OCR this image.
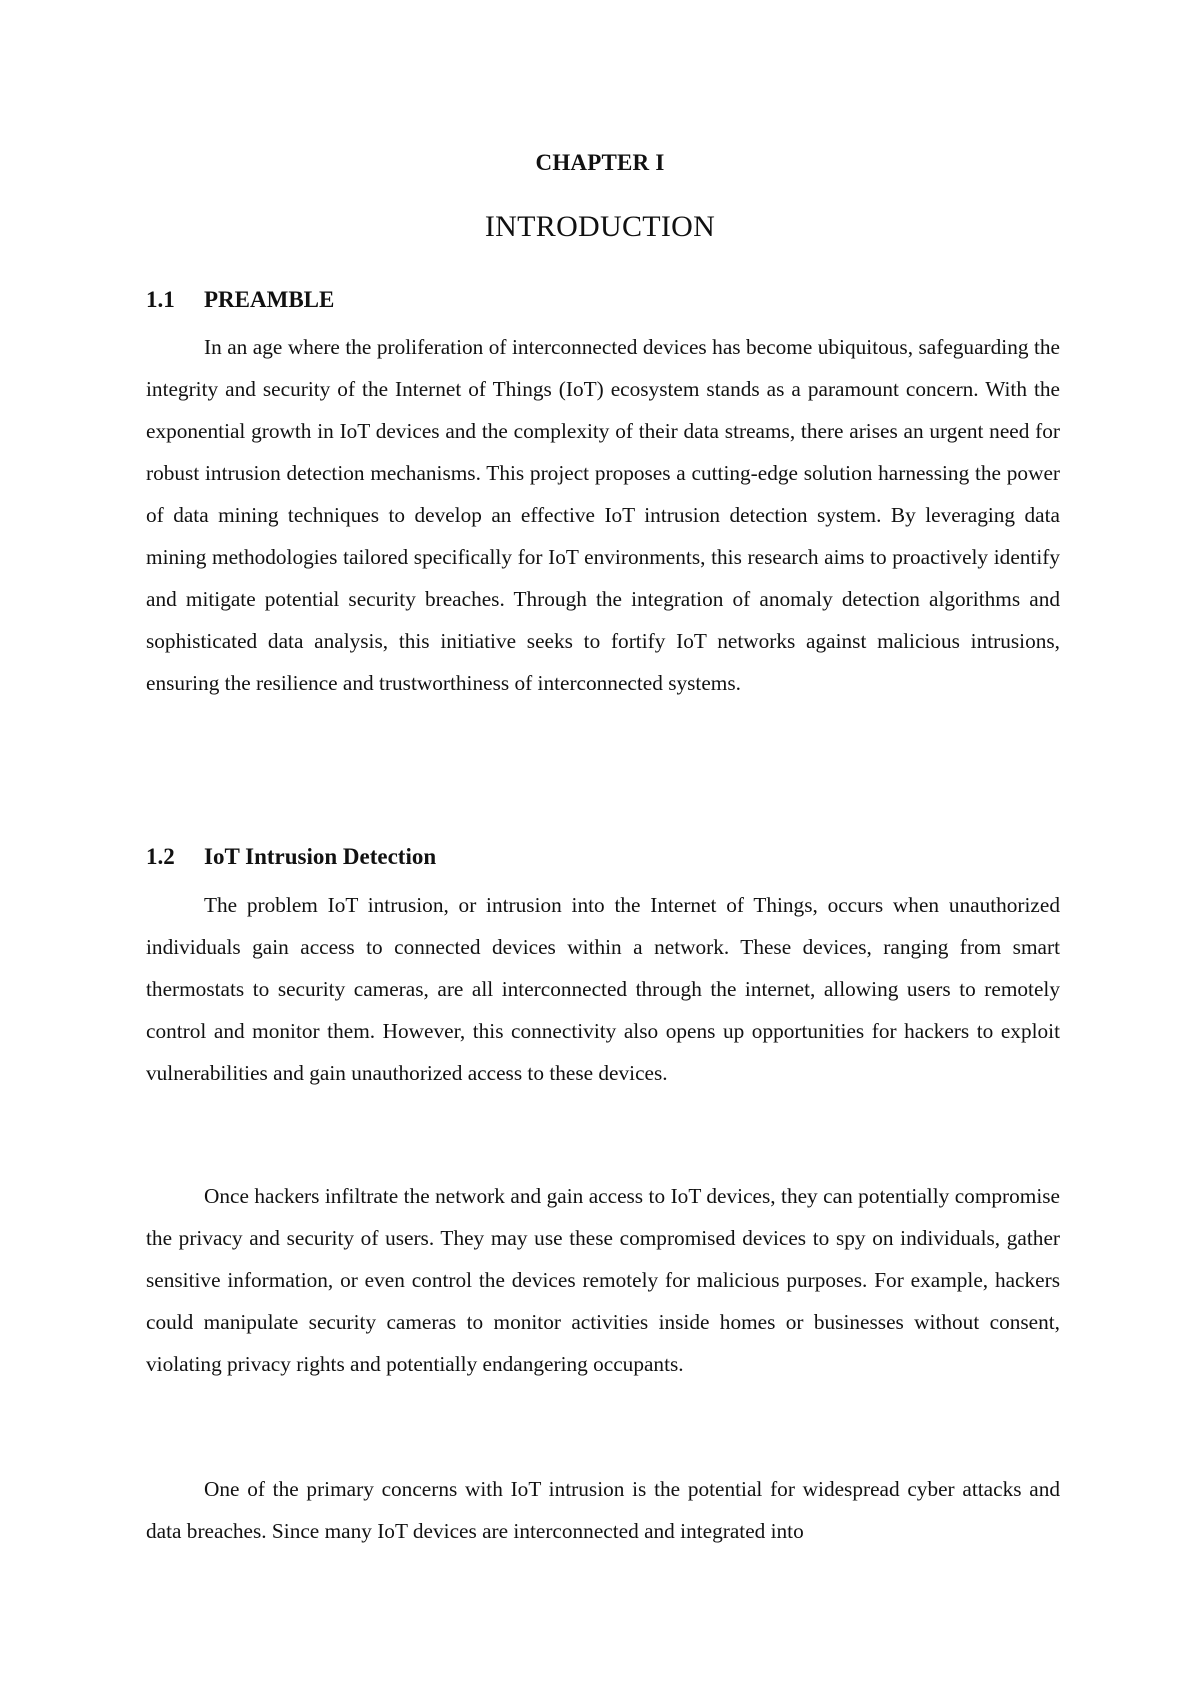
CHAPTER I
INTRODUCTION
1.1 PREAMBLE

In an age where the proliferation of interconnected devices has become ubiquitous, safeguarding the integrity and security of the Internet of Things (IoT) ecosystem stands as a paramount concern. With the exponential growth in IoT devices and the complexity of their data streams, there arises an urgent need for robust intrusion detection mechanisms. This project proposes a cutting-edge solution harnessing the power of data mining techniques to develop an effective IoT intrusion detection system. By leveraging data mining methodologies tailored specifically for IoT environments, this research aims to proactively identify and mitigate potential security breaches. Through the integration of anomaly detection algorithms and sophisticated data analysis, this initiative seeks to fortify IoT networks against malicious intrusions, ensuring the resilience and trustworthiness of interconnected systems.

1.2 IoT Intrusion Detection

The problem IoT intrusion, or intrusion into the Internet of Things, occurs when unauthorized individuals gain access to connected devices within a network. These devices, ranging from smart thermostats to security cameras, are all interconnected through the internet, allowing users to remotely control and monitor them. However, this connectivity also opens up opportunities for hackers to exploit vulnerabilities and gain unauthorized access to these devices.

Once hackers infiltrate the network and gain access to IoT devices, they can potentially compromise the privacy and security of users. They may use these compromised devices to spy on individuals, gather sensitive information, or even control the devices remotely for malicious purposes. For example, hackers could manipulate security cameras to monitor activities inside homes or businesses without consent, violating privacy rights and potentially endangering occupants.

One of the primary concerns with IoT intrusion is the potential for widespread cyber attacks and data breaches. Since many IoT devices are interconnected and integrated into
